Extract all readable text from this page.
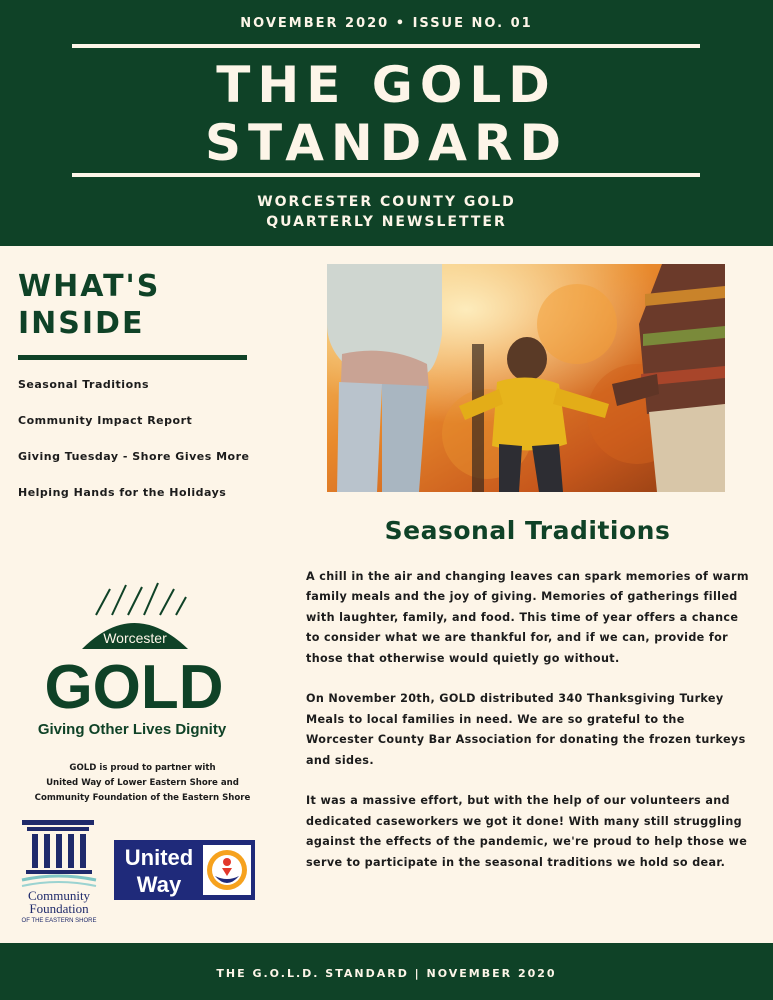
NOVEMBER 2020 • ISSUE NO. 01
THE GOLD
STANDARD
WORCESTER COUNTY GOLD
QUARTERLY NEWSLETTER
WHAT'S
INSIDE
Seasonal Traditions
Community Impact Report
Giving Tuesday - Shore Gives More
Helping Hands for the Holidays
Worcester
GOLD
Giving Other Lives Dignity
GOLD is proud to partner with
United Way of Lower Eastern Shore and
Community Foundation of the Eastern Shore
Community
Foundation
OF THE EASTERN SHORE
United
Way
Seasonal Traditions

A chill in the air and changing leaves can spark memories of warm family meals and the joy of giving. Memories of gatherings filled with laughter, family, and food. This time of year offers a chance to consider what we are thankful for, and if we can, provide for those that otherwise would quietly go without.

On November 20th, GOLD distributed 340 Thanksgiving Turkey Meals to local families in need. We are so grateful to the Worcester County Bar Association for donating the frozen turkeys and sides.

It was a massive effort, but with the help of our volunteers and dedicated caseworkers we got it done! With many still struggling against the effects of the pandemic, we're proud to help those we serve to participate in the seasonal traditions we hold so dear.

THE G.O.L.D. STANDARD | NOVEMBER 2020
